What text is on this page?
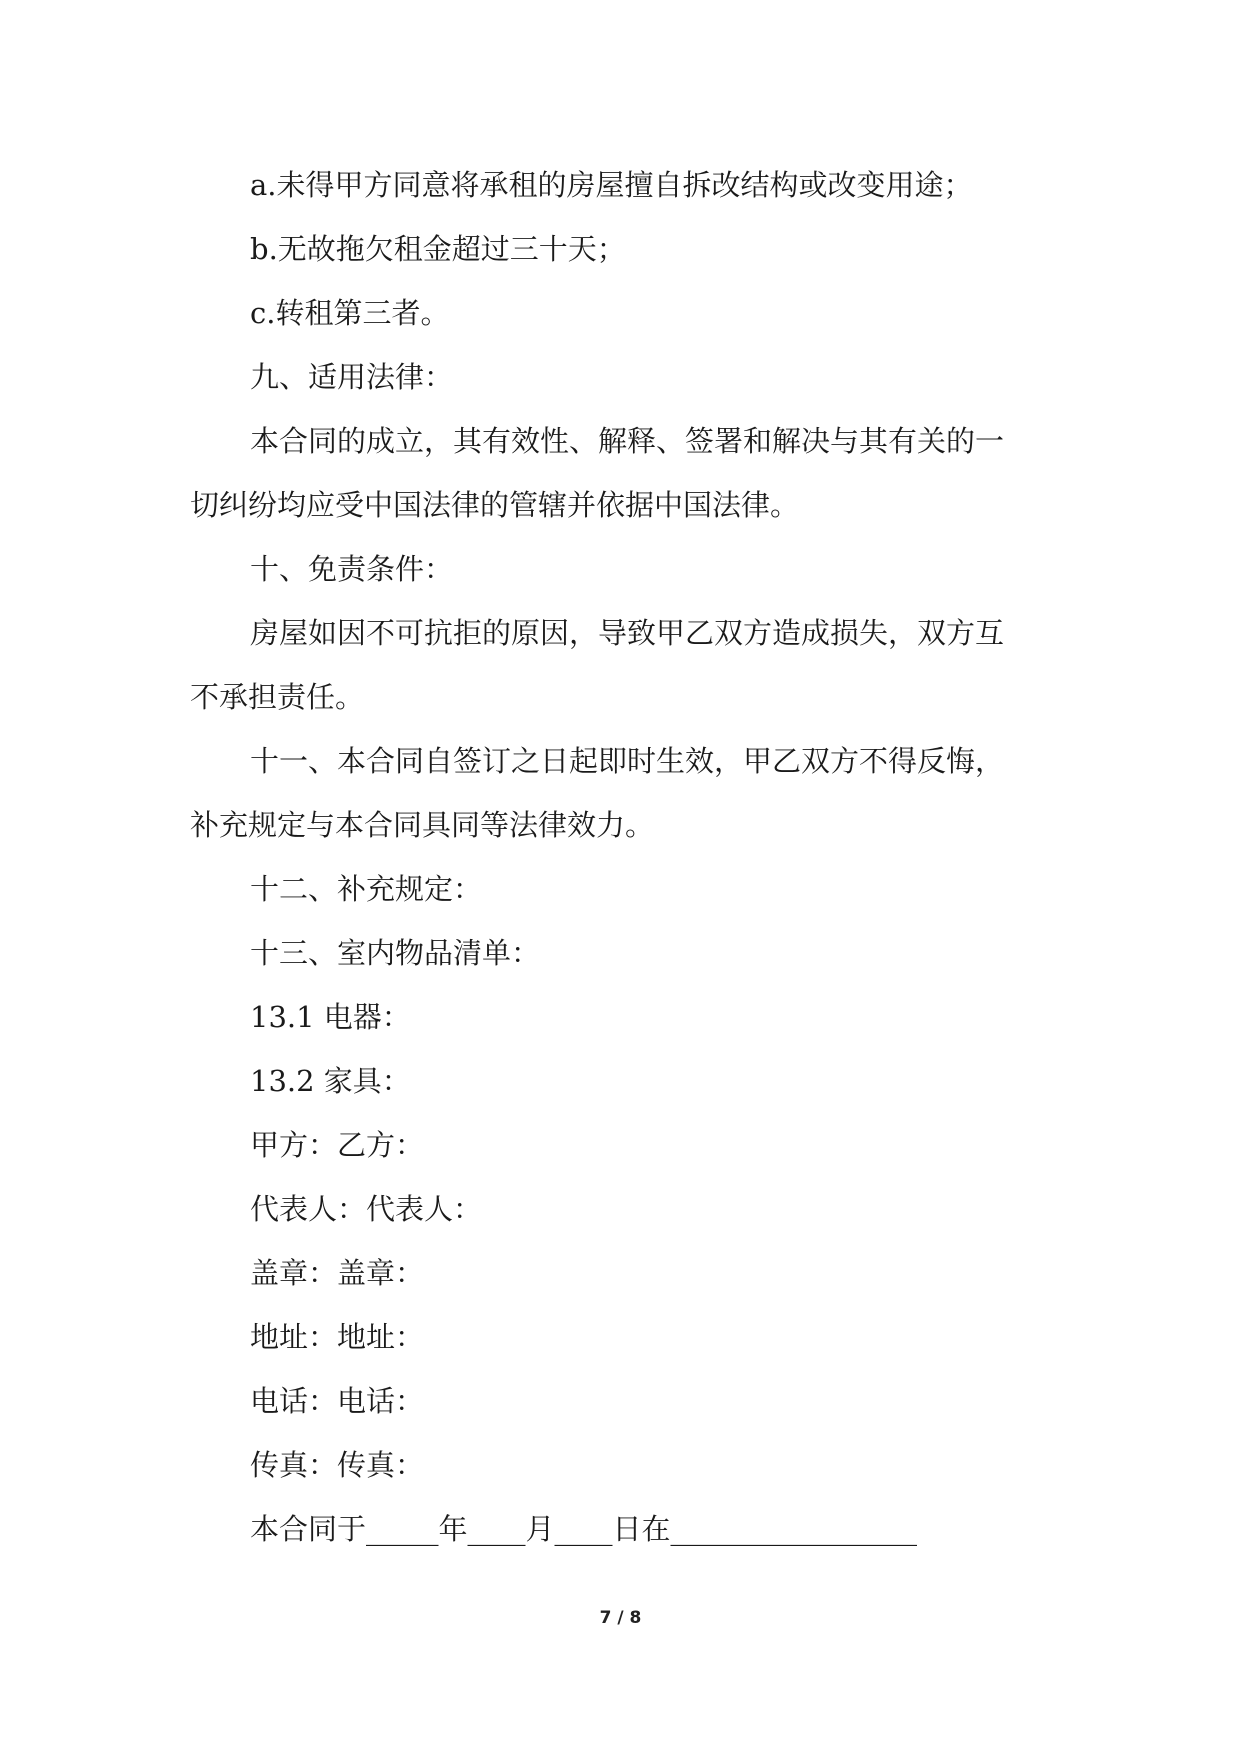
a.未得甲方同意将承租的房屋擅自拆改结构或改变用途；
b.无故拖欠租金超过三十天；
c.转租第三者。
九、适用法律：
本合同的成立，其有效性、解释、签署和解决与其有关的一
切纠纷均应受中国法律的管辖并依据中国法律。
十、免责条件：
房屋如因不可抗拒的原因，导致甲乙双方造成损失，双方互
不承担责任。
十一、本合同自签订之日起即时生效，甲乙双方不得反悔，
补充规定与本合同具同等法律效力。
十二、补充规定：
十三、室内物品清单：
13.1 电器：
13.2 家具：
甲方：乙方：
代表人：代表人：
盖章：盖章：
地址：地址：
电话：电话：
传真：传真：
本合同于_____年____月____日在_________________
7 / 8
